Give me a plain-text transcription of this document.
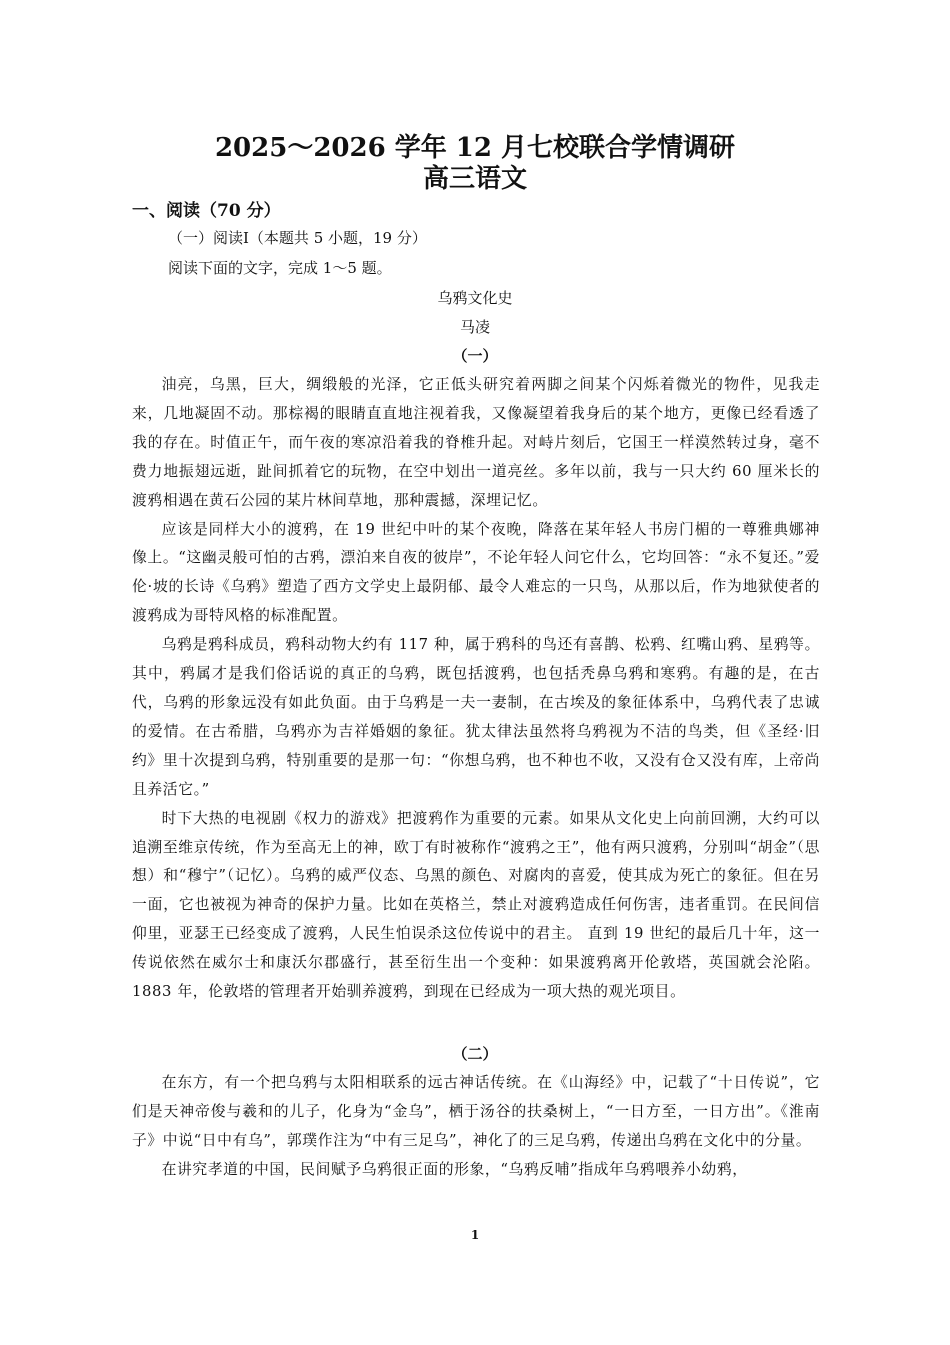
2025～2026 学年 12 月七校联合学情调研
高三语文
一、阅读（70 分）
（一）阅读Ⅰ（本题共 5 小题，19 分）
阅读下面的文字，完成 1～5 题。
乌鸦文化史
马凌
（一）

油亮，乌黑，巨大，绸缎般的光泽，它正低头研究着两脚之间某个闪烁着微光的物件，见我走来，几地凝固不动。那棕褐的眼睛直直地注视着我，又像凝望着我身后的某个地方，更像已经看透了我的存在。时值正午，而午夜的寒凉沿着我的脊椎升起。对峙片刻后，它国王一样漠然转过身，毫不费力地振翅远逝，趾间抓着它的玩物，在空中划出一道亮丝。多年以前，我与一只大约 60 厘米长的渡鸦相遇在黄石公园的某片林间草地，那种震撼，深埋记忆。

应该是同样大小的渡鸦，在 19 世纪中叶的某个夜晚，降落在某年轻人书房门楣的一尊雅典娜神像上。“这幽灵般可怕的古鸦，漂泊来自夜的彼岸”，不论年轻人问它什么，它均回答：“永不复还。”爱伦·坡的长诗《乌鸦》塑造了西方文学史上最阴郁、最令人难忘的一只鸟，从那以后，作为地狱使者的渡鸦成为哥特风格的标准配置。

乌鸦是鸦科成员，鸦科动物大约有 117 种，属于鸦科的鸟还有喜鹊、松鸦、红嘴山鸦、星鸦等。其中，鸦属才是我们俗话说的真正的乌鸦，既包括渡鸦，也包括秃鼻乌鸦和寒鸦。有趣的是，在古代，乌鸦的形象远没有如此负面。由于乌鸦是一夫一妻制，在古埃及的象征体系中，乌鸦代表了忠诚的爱情。在古希腊，乌鸦亦为吉祥婚姻的象征。犹太律法虽然将乌鸦视为不洁的鸟类，但《圣经·旧约》里十次提到乌鸦，特别重要的是那一句：“你想乌鸦，也不种也不收，又没有仓又没有库，上帝尚且养活它。”

时下大热的电视剧《权力的游戏》把渡鸦作为重要的元素。如果从文化史上向前回溯，大约可以追溯至维京传统，作为至高无上的神，欧丁有时被称作“渡鸦之王”，他有两只渡鸦，分别叫“胡金”（思想）和“穆宁”（记忆）。乌鸦的威严仪态、乌黑的颜色、对腐肉的喜爱，使其成为死亡的象征。但在另一面，它也被视为神奇的保护力量。比如在英格兰，禁止对渡鸦造成任何伤害，违者重罚。在民间信仰里，亚瑟王已经变成了渡鸦，人民生怕误杀这位传说中的君主。 直到 19 世纪的最后几十年，这一传说依然在威尔士和康沃尔郡盛行，甚至衍生出一个变种：如果渡鸦离开伦敦塔，英国就会沦陷。1883 年，伦敦塔的管理者开始驯养渡鸦，到现在已经成为一项大热的观光项目。

（二）

在东方，有一个把乌鸦与太阳相联系的远古神话传统。在《山海经》中，记载了“十日传说”，它们是天神帝俊与羲和的儿子，化身为“金乌”，栖于汤谷的扶桑树上，“一日方至，一日方出”。《淮南子》中说“日中有乌”，郭璞作注为“中有三足乌”，神化了的三足乌鸦，传递出乌鸦在文化中的分量。

在讲究孝道的中国，民间赋予乌鸦很正面的形象，“乌鸦反哺”指成年乌鸦喂养小幼鸦，

1
